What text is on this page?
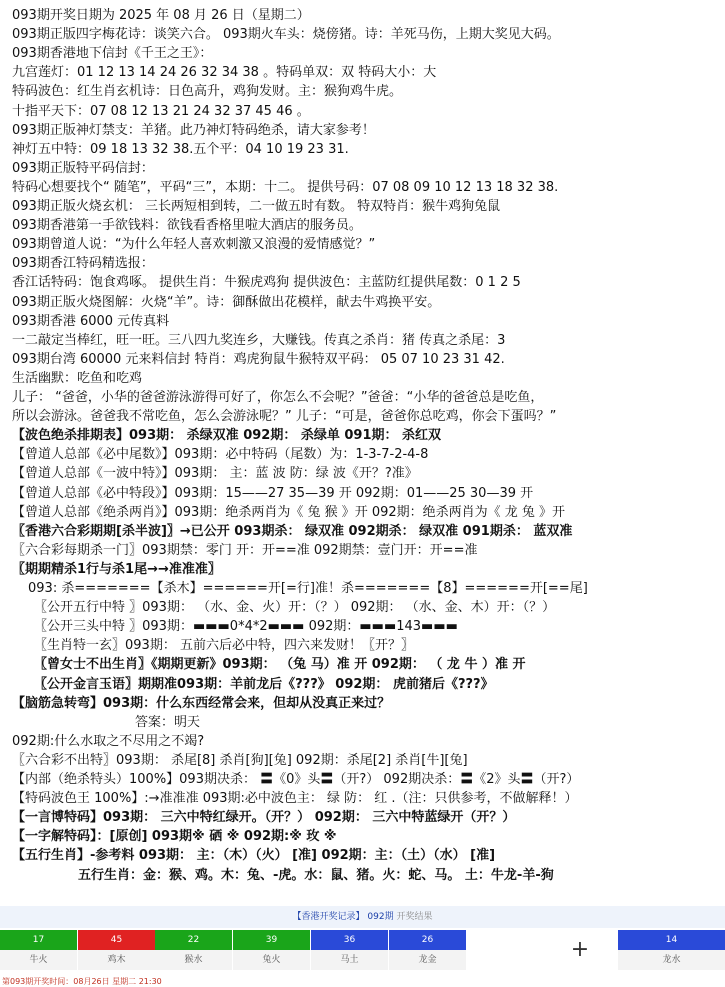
093期开奖日期为 2025 年 08 月 26 日（星期二）
093期正版四字梅花诗：谈笑六合。 093期火车头：烧傍猪。诗：羊死马伤，上期大奖见大码。
093期香港地下信封《千王之王》：
九宫莲灯：01 12 13 14 24 26 32 34 38 。特码单双：双 特码大小：大
特码波色：红生肖玄机诗：日色高升，鸡狗发财。主：猴狗鸡牛虎。
十指平天下：07 08 12 13 21 24 32 37 45 46 。
093期正版神灯禁支：羊猪。此乃神灯特码绝杀，请大家参考！
神灯五中特：09 18 13 32 38.五个平：04 10 19 23 31.
093期正版特平码信封：
特码心想要找个“ 随笔”，平码“三”，本期：十二。 提供号码：07 08 09 10 12 13 18 32 38.
093期正版火烧玄机： 三长两短相到转，二一做五时有数。 特双特肖：猴牛鸡狗兔鼠
093期香港第一手欲钱料：欲钱看香格里啦大酒店的服务员。
093期曾道人说：“为什么年轻人喜欢刺激又浪漫的爱情感觉？”
093期香江特码精选报：
香江话特码：饱食鸡啄。 提供生肖：牛猴虎鸡狗 提供波色：主蓝防红提供尾数：0 1 2 5
093期正版火烧图解：火烧“羊”。诗：御酥做出花模样，献去牛鸡换平安。
093期香港 6000 元传真料
一二敲定当棒红，旺一旺。三八四九奖连乡，大赚钱。传真之杀肖：猪 传真之杀尾：3
093期台湾 60000 元来料信封 特肖：鸡虎狗鼠牛猴特双平码： 05 07 10 23 31 42.
生活幽默：吃鱼和吃鸡
儿子： “爸爸，小华的爸爸游泳游得可好了，你怎么不会呢？”爸爸：“小华的爸爸总是吃鱼，
所以会游泳。爸爸我不常吃鱼，怎么会游泳呢？” 儿子：“可是，爸爸你总吃鸡，你会下蛋吗？”
【波色绝杀排期表】093期： 杀绿双准 092期： 杀绿单 091期： 杀红双
【曾道人总部《必中尾数》】093期：必中特码（尾数）为：1-3-7-2-4-8
【曾道人总部《一波中特》】093期： 主：蓝 波 防：绿 波《开？?准》
【曾道人总部《必中特段》】093期：15——27 35—39 开 092期：01——25 30—39 开
【曾道人总部《绝杀两肖》】093期：绝杀两肖为《 兔 猴 》开 092期：绝杀两肖为《 龙 兔 》开
〖香港六合彩期期[杀半波]〗→已公开 093期杀： 绿双准 092期杀： 绿双准 091期杀： 蓝双准
〖六合彩每期杀一门〗093期禁：零门 开：开==准 092期禁：壹门开：开==准
〖期期精杀1行与杀1尾→→准准准〗
093: 杀=======【杀木】======开[=行]准！杀=======【8】======开[==尾]
〖公开五行中特 〗093期： （水、金、火）开：（？） 092期： （水、金、木）开：（？）
〖公开三头中特 〗093期：▬▬▬0*4*2▬▬▬ 092期：▬▬▬143▬▬▬
〖生肖特一玄〗093期： 五前六后必中特，四六来发财！〖开？〗
〖曾女士不出生肖〗《期期更新》093期： （兔 马）准 开 092期： （ 龙 牛 ）准 开
〖公开金言玉语〗期期准093期：羊前龙后《???》 092期： 虎前猪后《???》
【脑筋急转弯】093期：什么东西经常会来，但却从没真正来过？
答案：明天
092期:什么水取之不尽用之不竭?
〖六合彩不出特〗093期： 杀尾[8] 杀肖[狗][兔] 092期：杀尾[2] 杀肖[牛][兔]
【内部（绝杀特头）100%】093期决杀： 〓《0》头〓（开?） 092期决杀：〓《2》头〓（开?）
【特码波色王 100%】:→准准准 093期:必中波色主： 绿 防： 红 .（注：只供参考，不做解释！）
【一言博特码】093期： 三六中特红绿开。（开？） 092期： 三六中特蓝绿开（开？）
【一字解特码】：[原创] 093期※ 硒 ※ 092期:※ 玫 ※
【五行生肖】-参考料 093期： 主：（木）（火） [准] 092期：主：（土）（水） [准]
五行生肖：金：猴、鸡。木：兔、-虎。水：鼠、猪。火：蛇、马。 土：牛龙-羊-狗
【香港开奖记录】 092期 开奖结果
17
牛火
45
鸡木
22
猴水
39
兔火
36
马土
26
龙金	+	14
龙水
第093期开奖时间：08月26日 星期二 21:30
